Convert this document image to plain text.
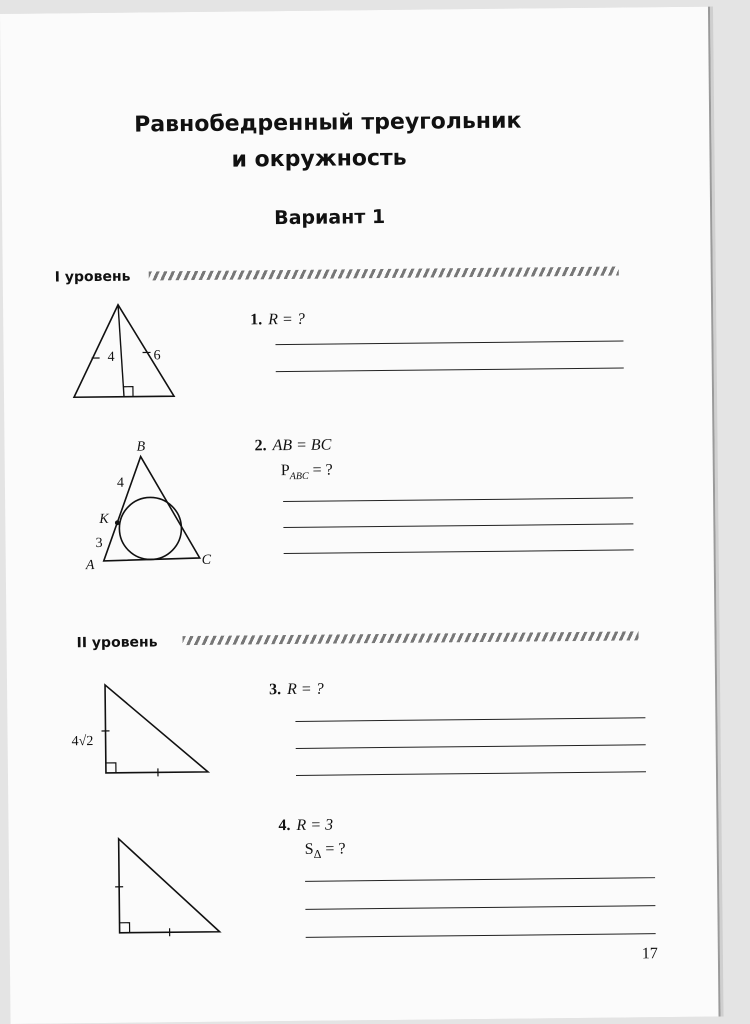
Равнобедренный треугольник
и окружность
Вариант 1
I уровень
4	6
1. R = ?
B
A	C
K
4
3
2. AB = BC
$P_{ABC}$ = ?
II уровень
4√2
3. R = ?
4. R = 3
$S_\Delta$ = ?
17
